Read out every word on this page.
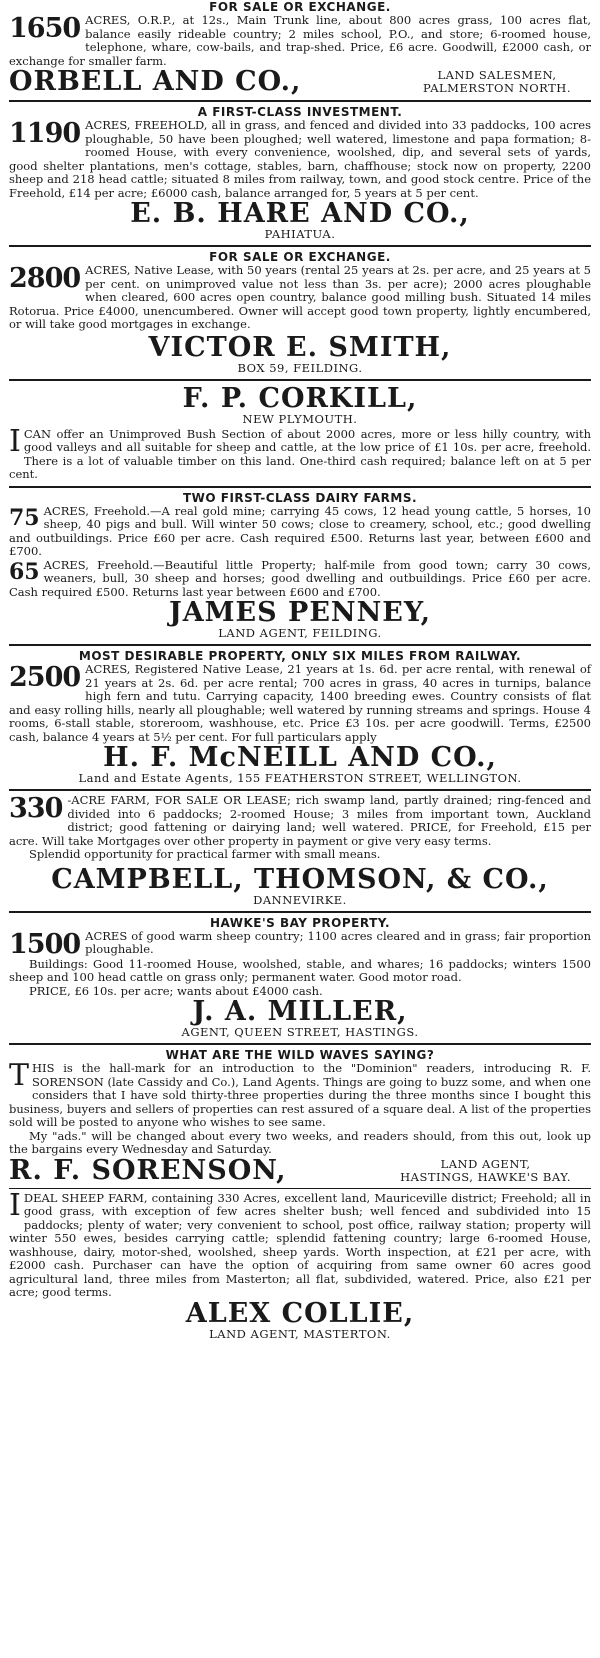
FOR SALE OR EXCHANGE.

1650 ACRES, O.R.P., at 12s., Main Trunk line, about 800 acres grass, 100 acres flat, balance easily rideable country; 2 miles school, P.O., and store; 6-roomed house, telephone, whare, cow-bails, and trap-shed. Price, £6 acre. Goodwill, £2000 cash, or exchange for smaller farm.

ORBELL AND CO.,	LAND SALESMEN,
PALMERSTON NORTH.

A FIRST-CLASS INVESTMENT.

1190 ACRES, FREEHOLD, all in grass, and fenced and divided into 33 paddocks, 100 acres ploughable, 50 have been ploughed; well watered, limestone and papa formation; 8-roomed House, with every convenience, woolshed, dip, and several sets of yards, good shelter plantations, men's cottage, stables, barn, chaffhouse; stock now on property, 2200 sheep and 218 head cattle; situated 8 miles from railway, town, and good stock centre. Price of the Freehold, £14 per acre; £6000 cash, balance arranged for, 5 years at 5 per cent.

E. B. HARE AND CO.,

PAHIATUA.

FOR SALE OR EXCHANGE.

2800 ACRES, Native Lease, with 50 years (rental 25 years at 2s. per acre, and 25 years at 5 per cent. on unimproved value not less than 3s. per acre); 2000 acres ploughable when cleared, 600 acres open country, balance good milling bush. Situated 14 miles Rotorua. Price £4000, unencumbered. Owner will accept good town property, lightly encumbered, or will take good mortgages in exchange.

VICTOR E. SMITH,

BOX 59, FEILDING.

F. P. CORKILL,

NEW PLYMOUTH.

ICAN offer an Unimproved Bush Section of about 2000 acres, more or less hilly country, with good valleys and all suitable for sheep and cattle, at the low price of £1 10s. per acre, freehold. There is a lot of valuable timber on this land. One-third cash required; balance left on at 5 per cent.

TWO FIRST-CLASS DAIRY FARMS.

75 ACRES, Freehold.—A real gold mine; carrying 45 cows, 12 head young cattle, 5 horses, 10 sheep, 40 pigs and bull. Will winter 50 cows; close to creamery, school, etc.; good dwelling and outbuildings. Price £60 per acre. Cash required £500. Returns last year, between £600 and £700.

65 ACRES, Freehold.—Beautiful little Property; half-mile from good town; carry 30 cows, weaners, bull, 30 sheep and horses; good dwelling and outbuildings. Price £60 per acre. Cash required £500. Returns last year between £600 and £700.

JAMES PENNEY,

LAND AGENT, FEILDING.

MOST DESIRABLE PROPERTY, ONLY SIX MILES FROM RAILWAY.

2500 ACRES, Registered Native Lease, 21 years at 1s. 6d. per acre rental, with renewal of 21 years at 2s. 6d. per acre rental; 700 acres in grass, 40 acres in turnips, balance high fern and tutu. Carrying capacity, 1400 breeding ewes. Country consists of flat and easy rolling hills, nearly all ploughable; well watered by running streams and springs. House 4 rooms, 6-stall stable, storeroom, washhouse, etc. Price £3 10s. per acre goodwill. Terms, £2500 cash, balance 4 years at 5½ per cent. For full particulars apply

H. F. McNEILL AND CO.,

Land and Estate Agents, 155 FEATHERSTON STREET, WELLINGTON.

330 -ACRE FARM, FOR SALE OR LEASE; rich swamp land, partly drained; ring-fenced and divided into 6 paddocks; 2-roomed House; 3 miles from important town, Auckland district; good fattening or dairying land; well watered. PRICE, for Freehold, £15 per acre. Will take Mortgages over other property in payment or give very easy terms.

Splendid opportunity for practical farmer with small means.

CAMPBELL, THOMSON, & CO.,

DANNEVIRKE.

HAWKE'S BAY PROPERTY.

1500 ACRES of good warm sheep country; 1100 acres cleared and in grass; fair proportion ploughable.

Buildings: Good 11-roomed House, woolshed, stable, and whares; 16 paddocks; winters 1500 sheep and 100 head cattle on grass only; permanent water. Good motor road.

PRICE, £6 10s. per acre; wants about £4000 cash.

J. A. MILLER,

AGENT, QUEEN STREET, HASTINGS.

WHAT ARE THE WILD WAVES SAYING?

THIS is the hall-mark for an introduction to the "Dominion" readers, introducing R. F. SORENSON (late Cassidy and Co.), Land Agents. Things are going to buzz some, and when one considers that I have sold thirty-three properties during the three months since I bought this business, buyers and sellers of properties can rest assured of a square deal. A list of the properties sold will be posted to anyone who wishes to see same.

My "ads." will be changed about every two weeks, and readers should, from this out, look up the bargains every Wednesday and Saturday.

R. F. SORENSON,	LAND AGENT,
HASTINGS, HAWKE'S BAY.

IDEAL SHEEP FARM, containing 330 Acres, excellent land, Mauriceville district; Freehold; all in good grass, with exception of few acres shelter bush; well fenced and subdivided into 15 paddocks; plenty of water; very convenient to school, post office, railway station; property will winter 550 ewes, besides carrying cattle; splendid fattening country; large 6-roomed House, washhouse, dairy, motor-shed, woolshed, sheep yards. Worth inspection, at £21 per acre, with £2000 cash. Purchaser can have the option of acquiring from same owner 60 acres good agricultural land, three miles from Masterton; all flat, subdivided, watered. Price, also £21 per acre; good terms.

ALEX COLLIE,

LAND AGENT, MASTERTON.
